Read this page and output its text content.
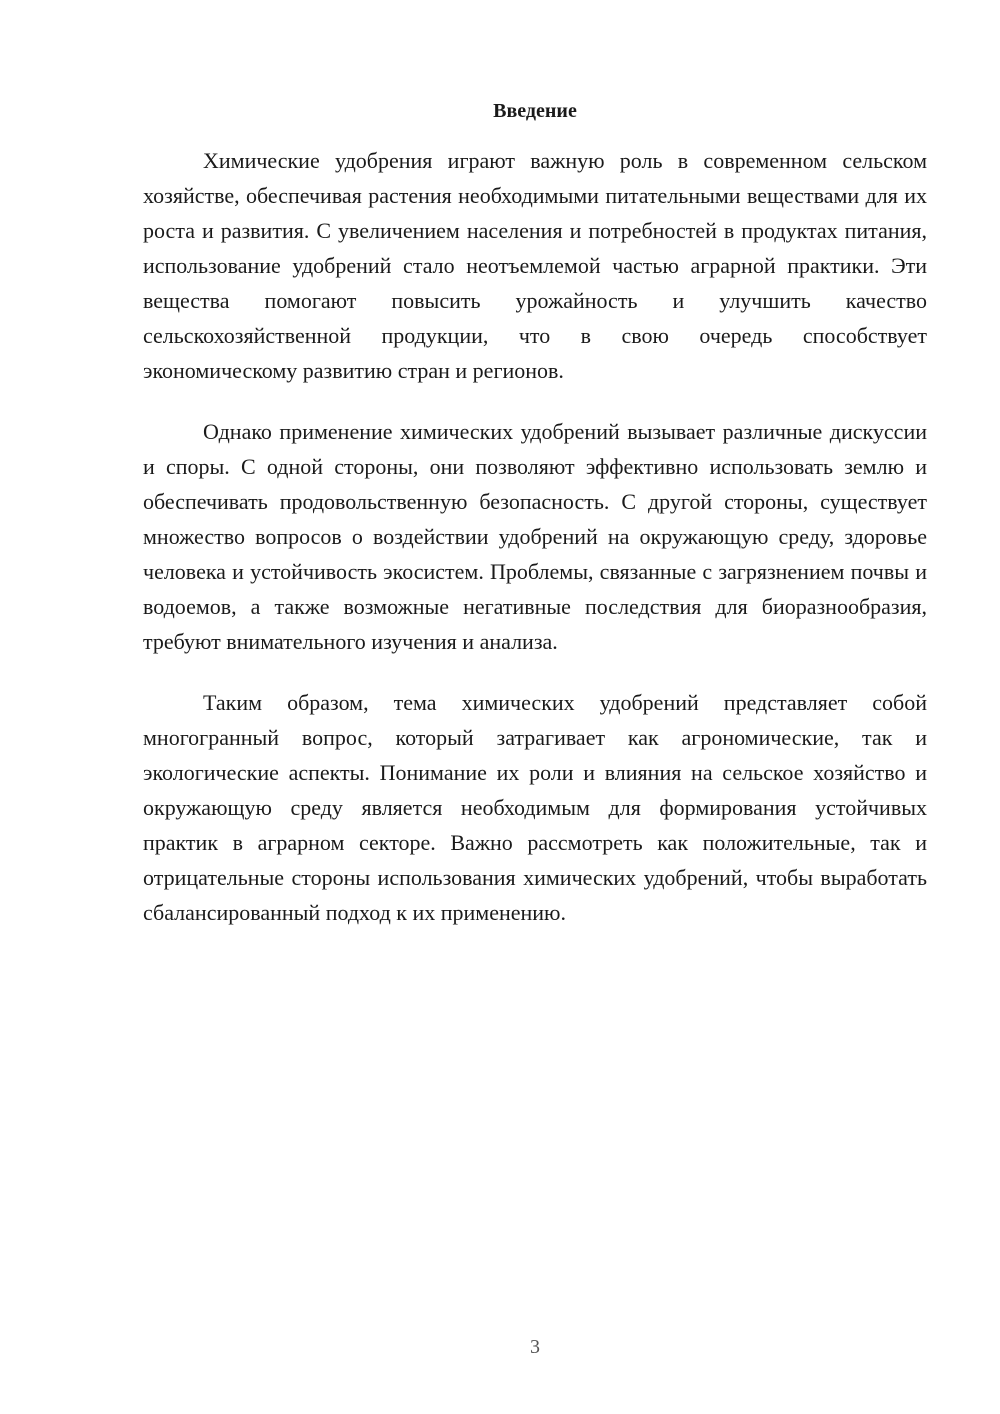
Введение

Химические удобрения играют важную роль в современном сельском хозяйстве, обеспечивая растения необходимыми питательными веществами для их роста и развития. С увеличением населения и потребностей в продуктах питания, использование удобрений стало неотъемлемой частью аграрной практики. Эти вещества помогают повысить урожайность и улучшить качество сельскохозяйственной продукции, что в свою очередь способствует экономическому развитию стран и регионов.

Однако применение химических удобрений вызывает различные дискуссии и споры. С одной стороны, они позволяют эффективно использовать землю и обеспечивать продовольственную безопасность. С другой стороны, существует множество вопросов о воздействии удобрений на окружающую среду, здоровье человека и устойчивость экосистем. Проблемы, связанные с загрязнением почвы и водоемов, а также возможные негативные последствия для биоразнообразия, требуют внимательного изучения и анализа.

Таким образом, тема химических удобрений представляет собой многогранный вопрос, который затрагивает как агрономические, так и экологические аспекты. Понимание их роли и влияния на сельское хозяйство и окружающую среду является необходимым для формирования устойчивых практик в аграрном секторе. Важно рассмотреть как положительные, так и отрицательные стороны использования химических удобрений, чтобы выработать сбалансированный подход к их применению.

3
